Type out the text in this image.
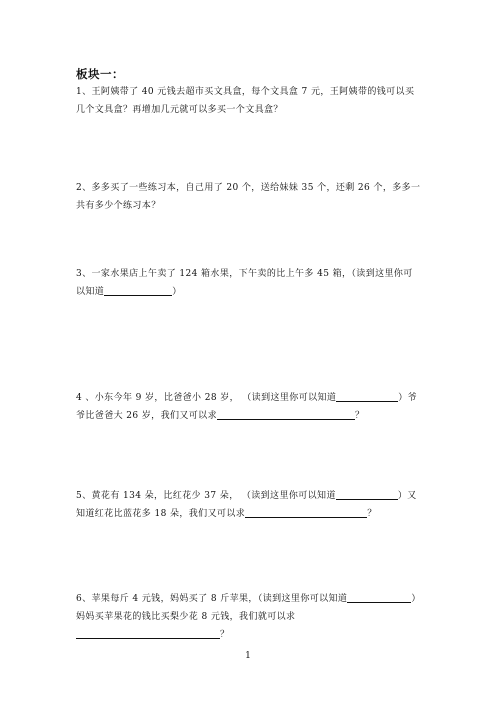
板块一：
1、王阿姨带了 40 元钱去超市买文具盒，每个文具盒 7 元，王阿姨带的钱可以买
几个文具盒？再增加几元就可以多买一个文具盒？
2、多多买了一些练习本，自己用了 20 个，送给妹妹 35 个，还剩 26 个，多多一
共有多少个练习本？
3、一家水果店上午卖了 124 箱水果，下午卖的比上午多 45 箱，（读到这里你可
以知道	）
4 、小东今年 9 岁，比爸爸小 28 岁， （读到这里你可以知道	）爷
爷比爸爸大 26 岁，我们又可以求	？
5、黄花有 134 朵，比红花少 37 朵， （读到这里你可以知道	）又
知道红花比蓝花多 18 朵，我们又可以求	？
6、苹果每斤 4 元钱，妈妈买了 8 斤苹果，（读到这里你可以知道	）
妈妈买苹果花的钱比买梨少花 8 元钱，我们就可以求
？
1
